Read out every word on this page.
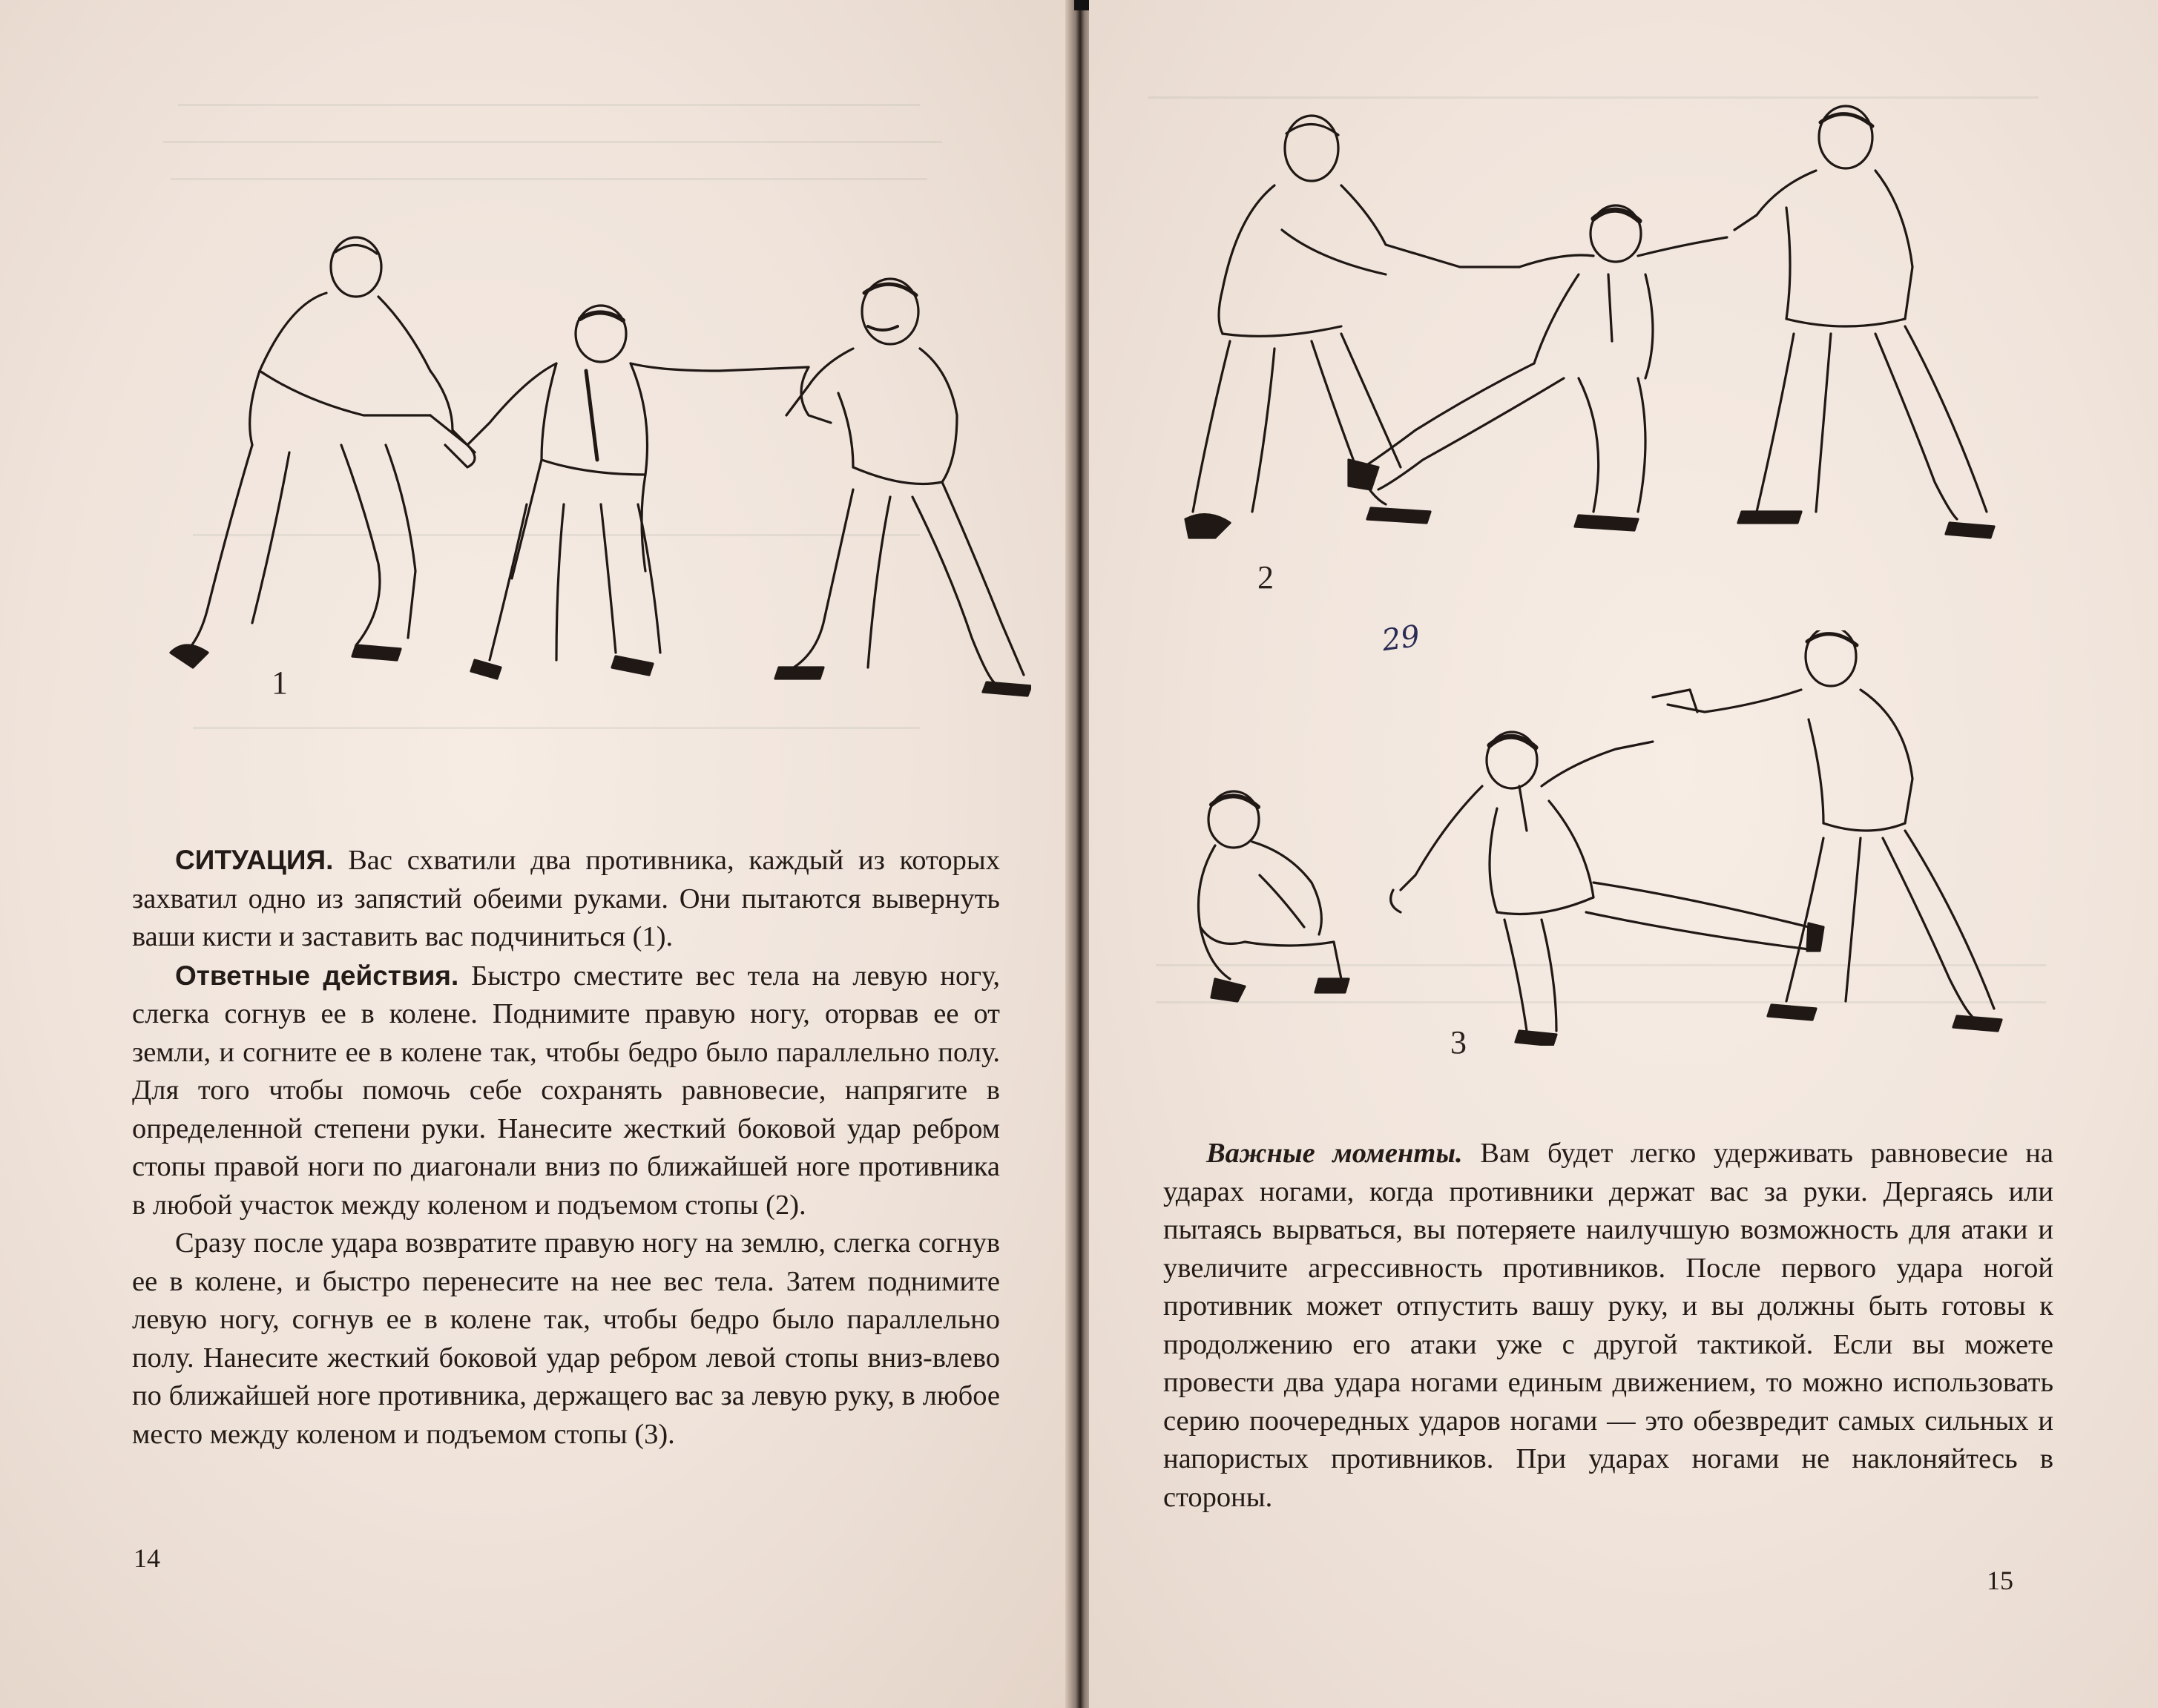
1

СИТУАЦИЯ. Вас схватили два противника, каждый из которых захватил одно из запястий обеими руками. Они пытаются вывернуть ваши кисти и заставить вас подчиниться (1).

Ответные действия. Быстро сместите вес тела на левую ногу, слегка согнув ее в колене. Поднимите правую ногу, оторвав ее от земли, и согните ее в колене так, чтобы бедро было параллельно полу. Для того чтобы помочь себе сохранять равновесие, напрягите в определенной степени руки. Нанесите жесткий боковой удар ребром стопы правой ноги по диагонали вниз по ближайшей ноге противника в любой участок между коленом и подъемом стопы (2).

Сразу после удара возвратите правую ногу на землю, слегка согнув ее в колене, и быстро перенесите на нее вес тела. Затем поднимите левую ногу, согнув ее в колене так, чтобы бедро было параллельно полу. Нанесите жесткий боковой удар ребром левой стопы вниз-влево по ближайшей ноге противника, держащего вас за левую руку, в любое место между коленом и подъемом стопы (3).

14
2
29
3

Важные моменты. Вам будет легко удерживать равновесие на ударах ногами, когда противники держат вас за руки. Дергаясь или пытаясь вырваться, вы потеряете наилучшую возможность для атаки и увеличите агрессивность противников. После первого удара ногой противник может отпустить вашу руку, и вы должны быть готовы к продолжению его атаки уже с другой тактикой. Если вы можете провести два удара ногами единым движением, то можно использовать серию поочередных ударов ногами — это обезвредит самых сильных и напористых противников. При ударах ногами не наклоняйтесь в стороны.

15
